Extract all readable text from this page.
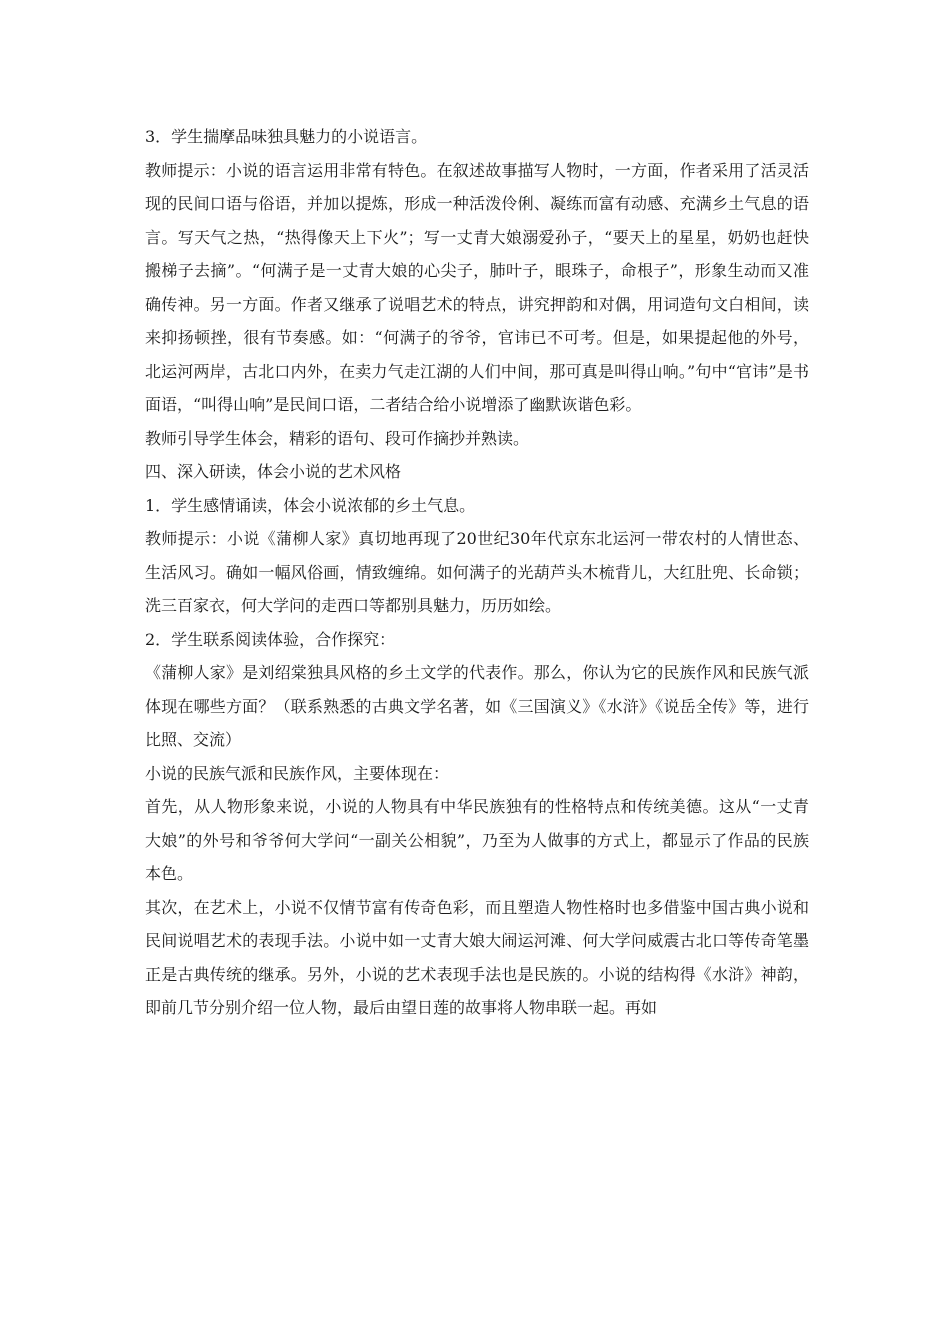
3．学生揣摩品味独具魅力的小说语言。

教师提示：小说的语言运用非常有特色。在叙述故事描写人物时，一方面，作者采用了活灵活现的民间口语与俗语，并加以提炼，形成一种活泼伶俐、凝练而富有动感、充满乡土气息的语言。写天气之热，“热得像天上下火”；写一丈青大娘溺爱孙子，“要天上的星星，奶奶也赶快搬梯子去摘”。“何满子是一丈青大娘的心尖子，肺叶子，眼珠子，命根子”，形象生动而又准确传神。另一方面。作者又继承了说唱艺术的特点，讲究押韵和对偶，用词造句文白相间，读来抑扬顿挫，很有节奏感。如：“何满子的爷爷，官讳已不可考。但是，如果提起他的外号，北运河两岸，古北口内外，在卖力气走江湖的人们中间，那可真是叫得山响。”句中“官讳”是书面语，“叫得山响”是民间口语，二者结合给小说增添了幽默诙谐色彩。

教师引导学生体会，精彩的语句、段可作摘抄并熟读。

四、深入研读，体会小说的艺术风格

1．学生感情诵读，体会小说浓郁的乡土气息。

教师提示：小说《蒲柳人家》真切地再现了20世纪30年代京东北运河一带农村的人情世态、生活风习。确如一幅风俗画，情致缠绵。如何满子的光葫芦头木梳背儿，大红肚兜、长命锁；洗三百家衣，何大学问的走西口等都别具魅力，历历如绘。

2．学生联系阅读体验，合作探究：

《蒲柳人家》是刘绍棠独具风格的乡土文学的代表作。那么，你认为它的民族作风和民族气派体现在哪些方面？（联系熟悉的古典文学名著，如《三国演义》《水浒》《说岳全传》等，进行比照、交流）

小说的民族气派和民族作风，主要体现在：

首先，从人物形象来说，小说的人物具有中华民族独有的性格特点和传统美德。这从“一丈青大娘”的外号和爷爷何大学问“一副关公相貌”，乃至为人做事的方式上，都显示了作品的民族本色。

其次，在艺术上，小说不仅情节富有传奇色彩，而且塑造人物性格时也多借鉴中国古典小说和民间说唱艺术的表现手法。小说中如一丈青大娘大闹运河滩、何大学问威震古北口等传奇笔墨正是古典传统的继承。另外，小说的艺术表现手法也是民族的。小说的结构得《水浒》神韵，即前几节分别介绍一位人物，最后由望日莲的故事将人物串联一起。再如
